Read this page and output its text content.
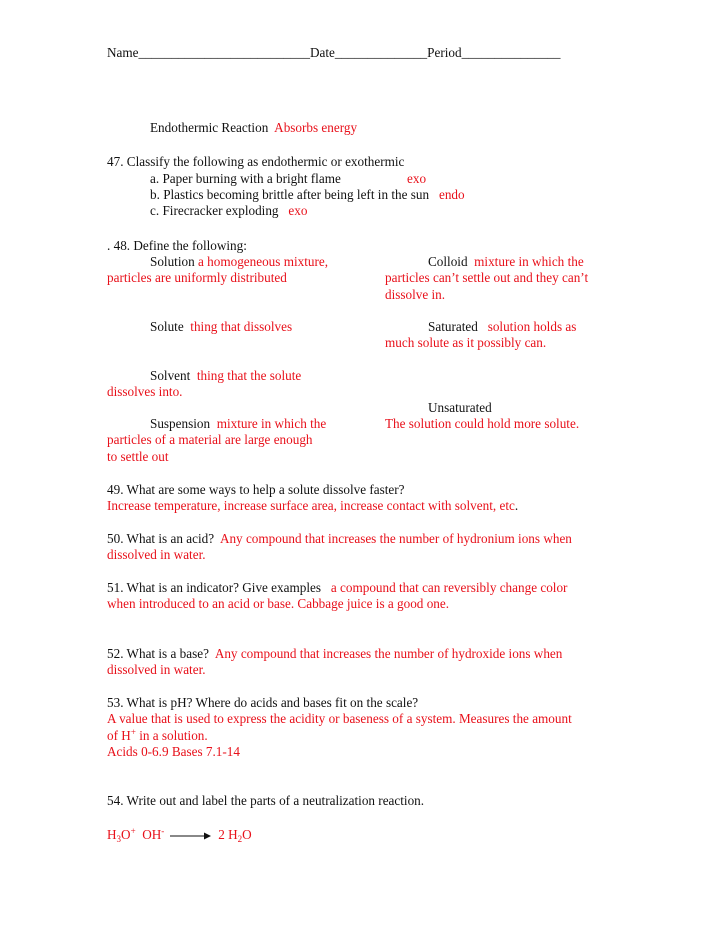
Name__________________________Date______________Period_______________
Endothermic Reaction Absorbs energy
47. Classify the following as endothermic or exothermic
a. Paper burning with a bright flame	exo
b. Plastics becoming brittle after being left in the sun endo
c. Firecracker exploding exo
. 48. Define the following:
Solution a homogeneous mixture,
particles are uniformly distributed
Colloid mixture in which the
particles can’t settle out and they can’t
dissolve in.
Solute thing that dissolves	Saturated solution holds as
much solute as it possibly can.
Solvent thing that the solute
dissolves into.
Unsaturated
The solution could hold more solute.
Suspension mixture in which the
particles of a material are large enough
to settle out
49. What are some ways to help a solute dissolve faster?
Increase temperature, increase surface area, increase contact with solvent, etc.
50. What is an acid? Any compound that increases the number of hydronium ions when
dissolved in water.
51. What is an indicator? Give examples a compound that can reversibly change color
when introduced to an acid or base. Cabbage juice is a good one.
52. What is a base? Any compound that increases the number of hydroxide ions when
dissolved in water.
53. What is pH? Where do acids and bases fit on the scale?
A value that is used to express the acidity or baseness of a system. Measures the amount
of H+ in a solution.
Acids 0-6.9 Bases 7.1-14
54. Write out and label the parts of a neutralization reaction.
$H_3O^+$ OH- → 2 $H_2O$
